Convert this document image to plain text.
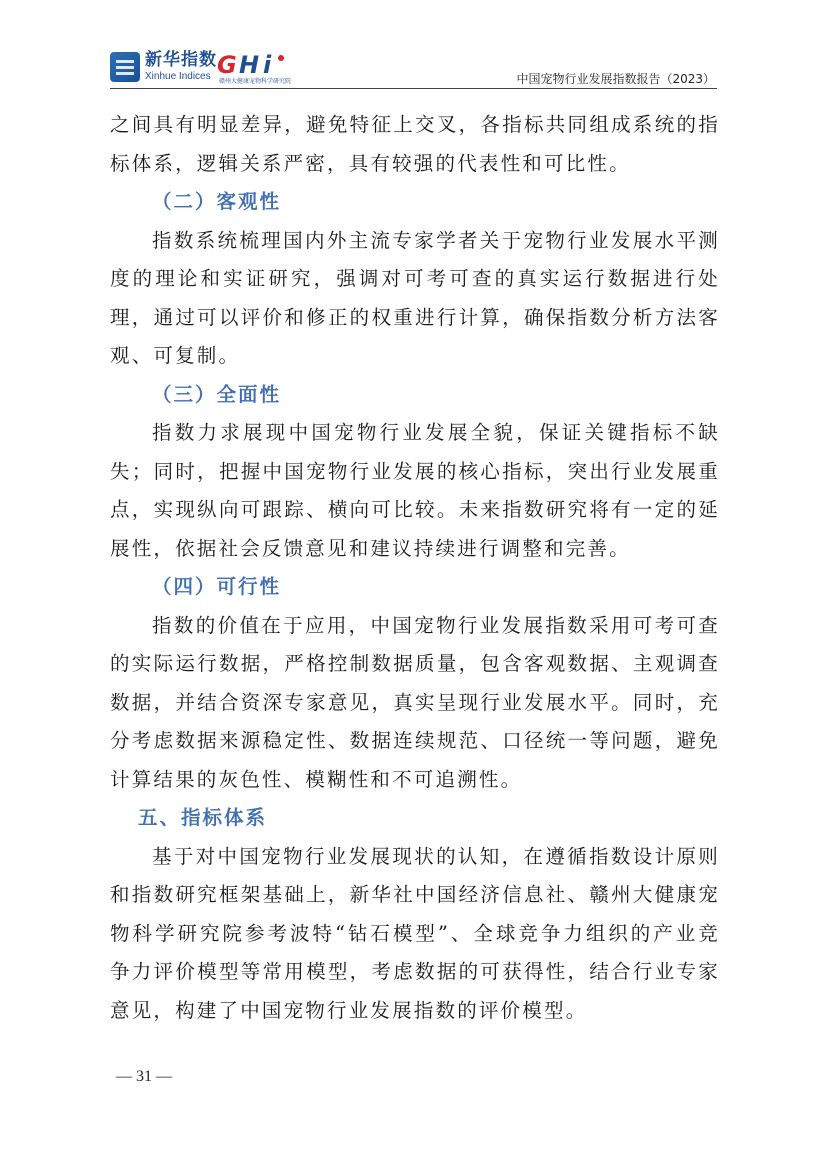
新华指数
Xinhue Indices G H i
赣州大健康宠物科学研究院	中国宠物行业发展指数报告（2023）

之间具有明显差异，避免特征上交叉，各指标共同组成系统的指标体系，逻辑关系严密，具有较强的代表性和可比性。

（二）客观性

指数系统梳理国内外主流专家学者关于宠物行业发展水平测度的理论和实证研究，强调对可考可查的真实运行数据进行处理，通过可以评价和修正的权重进行计算，确保指数分析方法客观、可复制。

（三）全面性

指数力求展现中国宠物行业发展全貌，保证关键指标不缺失；同时，把握中国宠物行业发展的核心指标，突出行业发展重点，实现纵向可跟踪、横向可比较。未来指数研究将有一定的延展性，依据社会反馈意见和建议持续进行调整和完善。

（四）可行性

指数的价值在于应用，中国宠物行业发展指数采用可考可查的实际运行数据，严格控制数据质量，包含客观数据、主观调查数据，并结合资深专家意见，真实呈现行业发展水平。同时，充分考虑数据来源稳定性、数据连续规范、口径统一等问题，避免计算结果的灰色性、模糊性和不可追溯性。

五、指标体系

基于对中国宠物行业发展现状的认知，在遵循指数设计原则和指数研究框架基础上，新华社中国经济信息社、赣州大健康宠物科学研究院参考波特“钻石模型”、全球竞争力组织的产业竞争力评价模型等常用模型，考虑数据的可获得性，结合行业专家意见，构建了中国宠物行业发展指数的评价模型。

— 31 —
